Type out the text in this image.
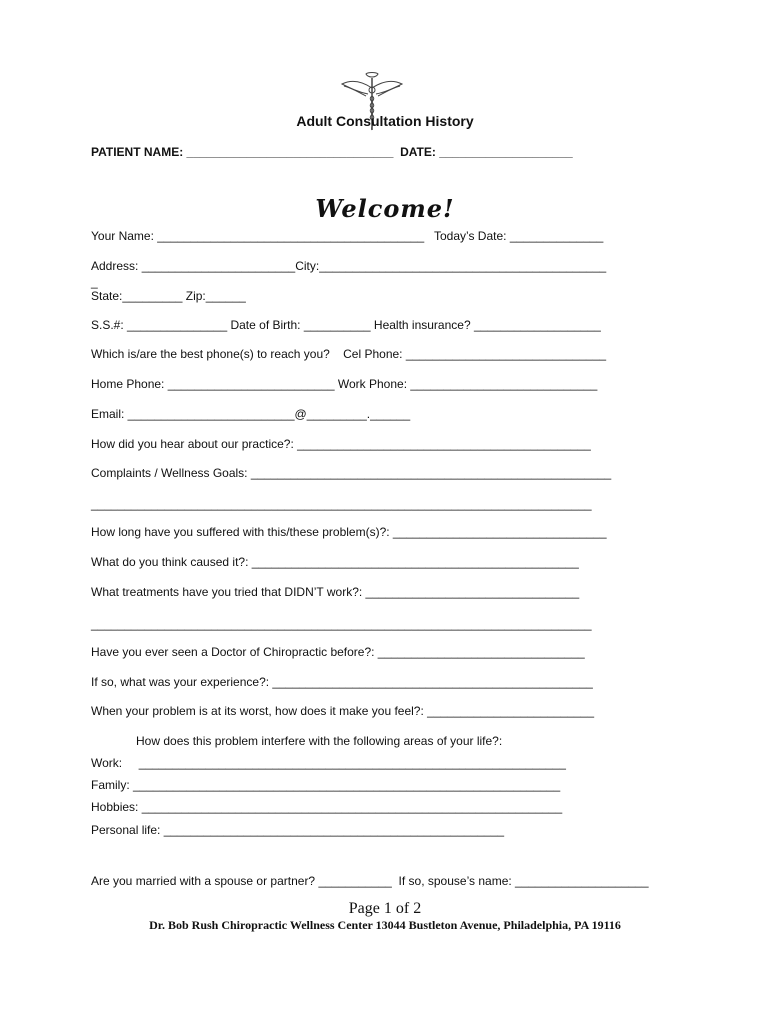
Adult Consultation History
PATIENT NAME: _______________________________  DATE: ____________________
Welcome!
Your Name: ________________________________________   Today’s Date: ______________
Address: _______________________City:___________________________________________
_
State:_________ Zip:______
S.S.#: _______________ Date of Birth: __________ Health insurance? ___________________
Which is/are the best phone(s) to reach you?    Cel Phone: ______________________________
Home Phone: _________________________ Work Phone: ____________________________
Email: _________________________@_________.______
How did you hear about our practice?: ____________________________________________
Complaints / Wellness Goals: ______________________________________________________
___________________________________________________________________________
How long have you suffered with this/these problem(s)?: ________________________________
What do you think caused it?: _________________________________________________
What treatments have you tried that DIDN’T work?: ________________________________
___________________________________________________________________________
Have you ever seen a Doctor of Chiropractic before?: _______________________________
If so, what was your experience?: ________________________________________________
When your problem is at its worst, how does it make you feel?: _________________________
How does this problem interfere with the following areas of your life?:
Work:     ________________________________________________________________
Family: ________________________________________________________________
Hobbies: _______________________________________________________________
Personal life: ___________________________________________________
Are you married with a spouse or partner? ___________  If so, spouse’s name: ____________________
Page 1 of 2
Dr. Bob Rush Chiropractic Wellness Center 13044 Bustleton Avenue, Philadelphia, PA 19116
